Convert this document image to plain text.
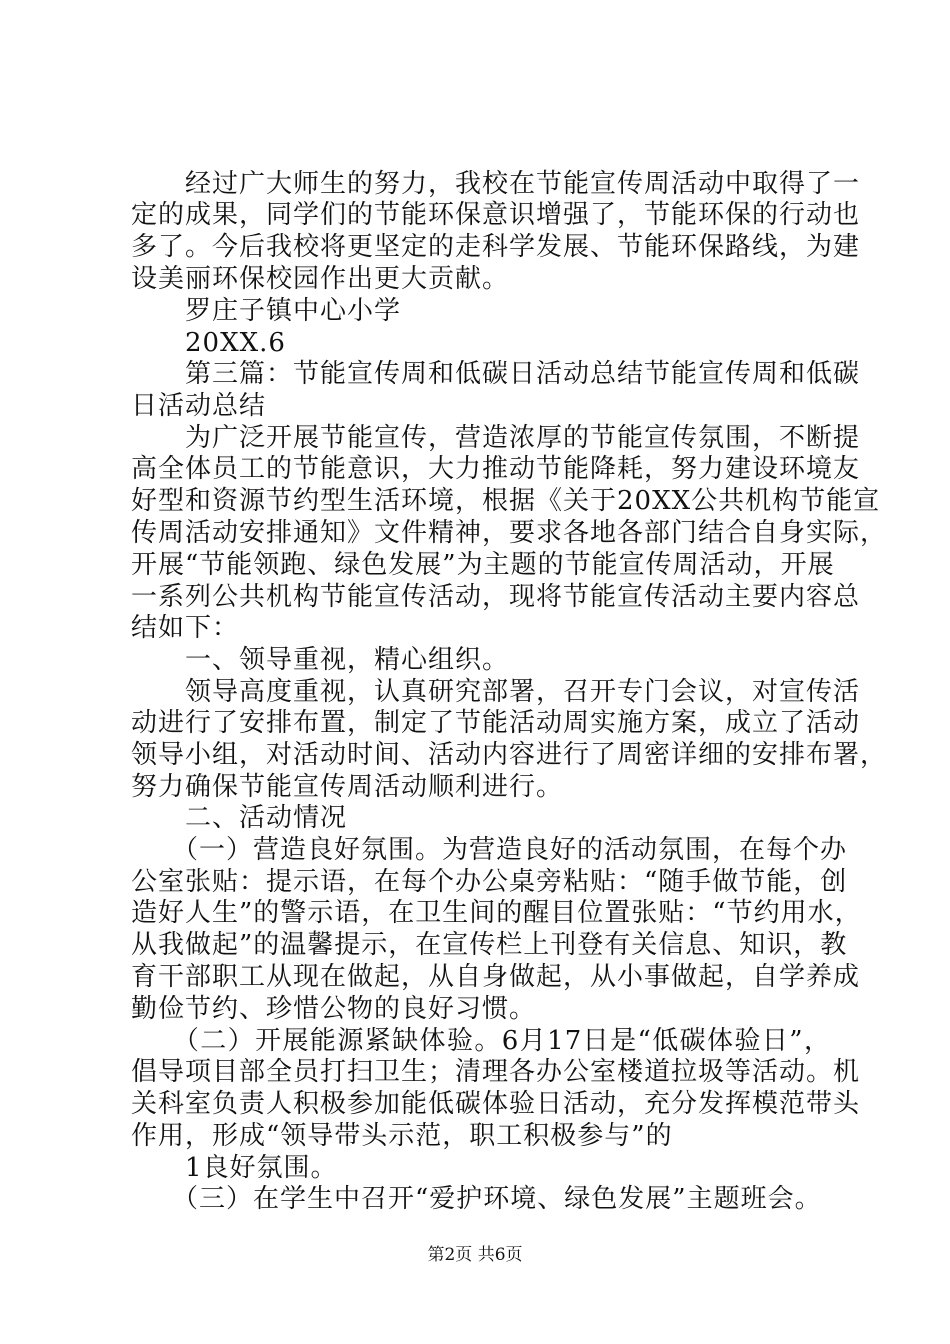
　　经过广大师生的努力，我校在节能宣传周活动中取得了一
定的成果，同学们的节能环保意识增强了，节能环保的行动也
多了。今后我校将更坚定的走科学发展、节能环保路线，为建
设美丽环保校园作出更大贡献。
　　罗庄子镇中心小学
　　20XX.6
　　第三篇：节能宣传周和低碳日活动总结节能宣传周和低碳
日活动总结
　　为广泛开展节能宣传，营造浓厚的节能宣传氛围，不断提
高全体员工的节能意识，大力推动节能降耗，努力建设环境友
好型和资源节约型生活环境，根据《关于20XX公共机构节能宣
传周活动安排通知》文件精神，要求各地各部门结合自身实际，
开展“节能领跑、绿色发展”为主题的节能宣传周活动，开展
一系列公共机构节能宣传活动，现将节能宣传活动主要内容总
结如下：
　　一、领导重视，精心组织。
　　领导高度重视，认真研究部署，召开专门会议，对宣传活
动进行了安排布置，制定了节能活动周实施方案，成立了活动
领导小组，对活动时间、活动内容进行了周密详细的安排布署，
努力确保节能宣传周活动顺利进行。
　　二、活动情况
　　（一）营造良好氛围。为营造良好的活动氛围，在每个办
公室张贴：提示语，在每个办公桌旁粘贴：“随手做节能，创
造好人生”的警示语，在卫生间的醒目位置张贴：“节约用水，
从我做起”的温馨提示，在宣传栏上刊登有关信息、知识，教
育干部职工从现在做起，从自身做起，从小事做起，自学养成
勤俭节约、珍惜公物的良好习惯。
　　（二）开展能源紧缺体验。6月17日是“低碳体验日”，
倡导项目部全员打扫卫生；清理各办公室楼道拉圾等活动。机
关科室负责人积极参加能低碳体验日活动，充分发挥模范带头
作用，形成“领导带头示范，职工积极参与”的
　　1良好氛围。
　　（三）在学生中召开“爱护环境、绿色发展”主题班会。
第2页 共6页
